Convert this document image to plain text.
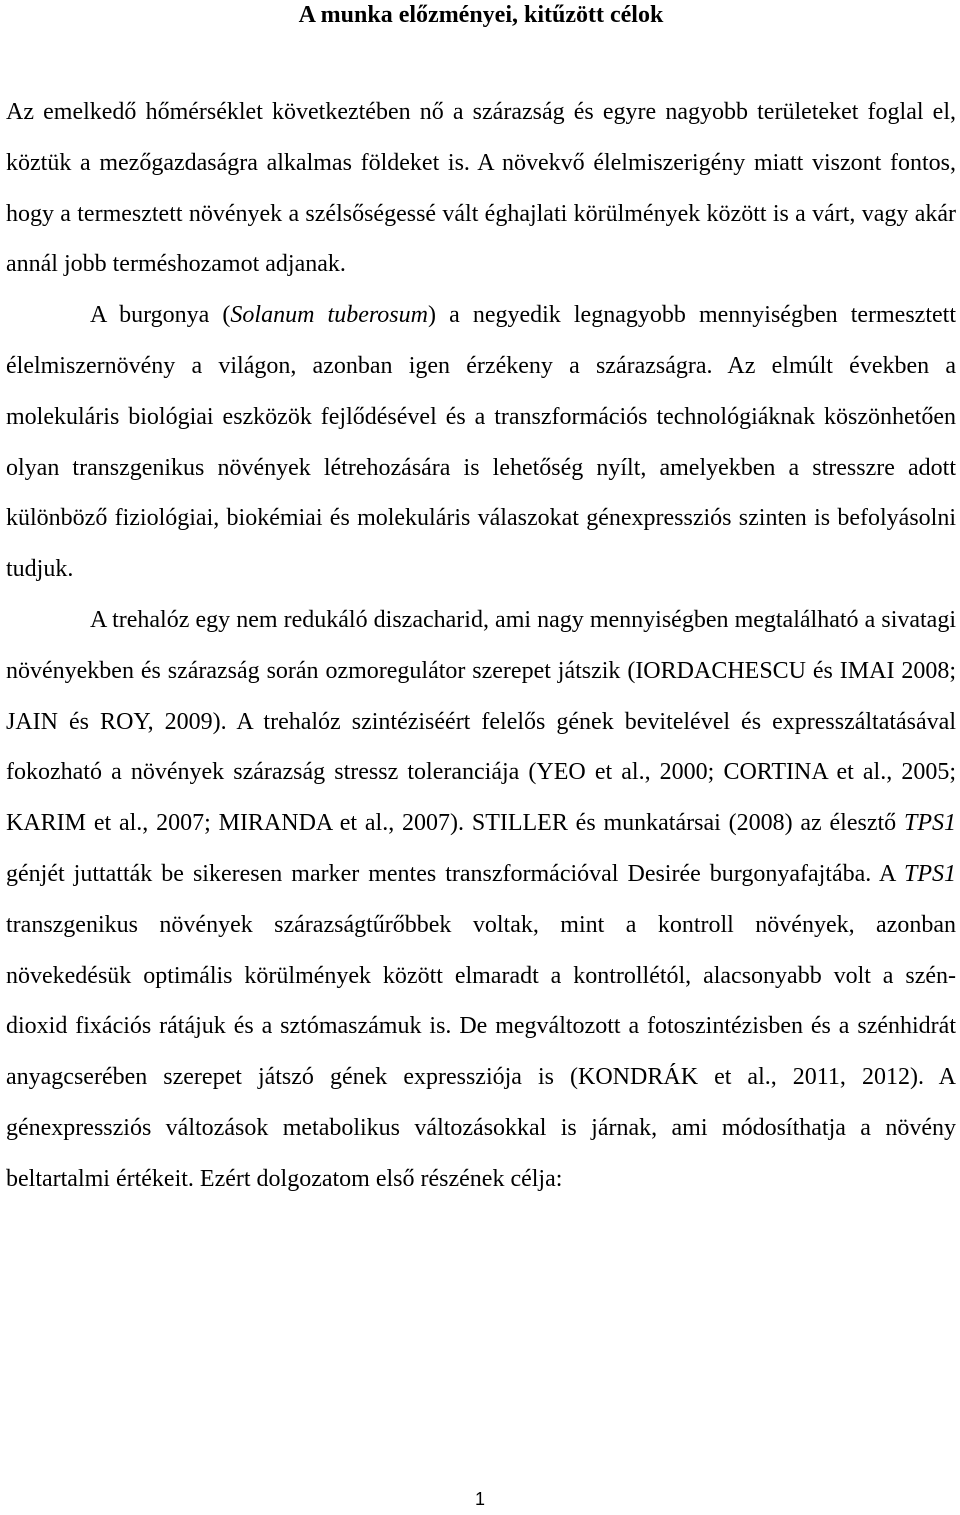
A munka előzményei, kitűzött célok

Az emelkedő hőmérséklet következtében nő a szárazság és egyre nagyobb területeket foglal el, köztük a mezőgazdaságra alkalmas földeket is. A növekvő élelmiszerigény miatt viszont fontos, hogy a termesztett növények a szélsőségessé vált éghajlati körülmények között is a várt, vagy akár annál jobb terméshozamot adjanak.

A burgonya (Solanum tuberosum) a negyedik legnagyobb mennyiségben termesztett élelmiszernövény a világon, azonban igen érzékeny a szárazságra. Az elmúlt években a molekuláris biológiai eszközök fejlődésével és a transzformációs technológiáknak köszönhetően olyan transzgenikus növények létrehozására is lehetőség nyílt, amelyekben a stresszre adott különböző fiziológiai, biokémiai és molekuláris válaszokat génexpressziós szinten is befolyásolni tudjuk.

A trehalóz egy nem redukáló diszacharid, ami nagy mennyiségben megtalálható a sivatagi növényekben és szárazság során ozmoregulátor szerepet játszik (IORDACHESCU és IMAI 2008; JAIN és ROY, 2009). A trehalóz szintéziséért felelős gének bevitelével és expresszáltatásával fokozható a növények szárazság stressz toleranciája (YEO et al., 2000; CORTINA et al., 2005; KARIM et al., 2007; MIRANDA et al., 2007). STILLER és munkatársai (2008) az élesztő TPS1 génjét juttatták be sikeresen marker mentes transzformációval Desirée burgonyafajtába. A TPS1 transzgenikus növények szárazságtűrőbbek voltak, mint a kontroll növények, azonban növekedésük optimális körülmények között elmaradt a kontrollétól, alacsonyabb volt a szén-dioxid fixációs rátájuk és a sztómaszámuk is. De megváltozott a fotoszintézisben és a szénhidrát anyagcserében szerepet játszó gének expressziója is (KONDRÁK et al., 2011, 2012). A génexpressziós változások metabolikus változásokkal is járnak, ami módosíthatja a növény beltartalmi értékeit. Ezért dolgozatom első részének célja:

1
